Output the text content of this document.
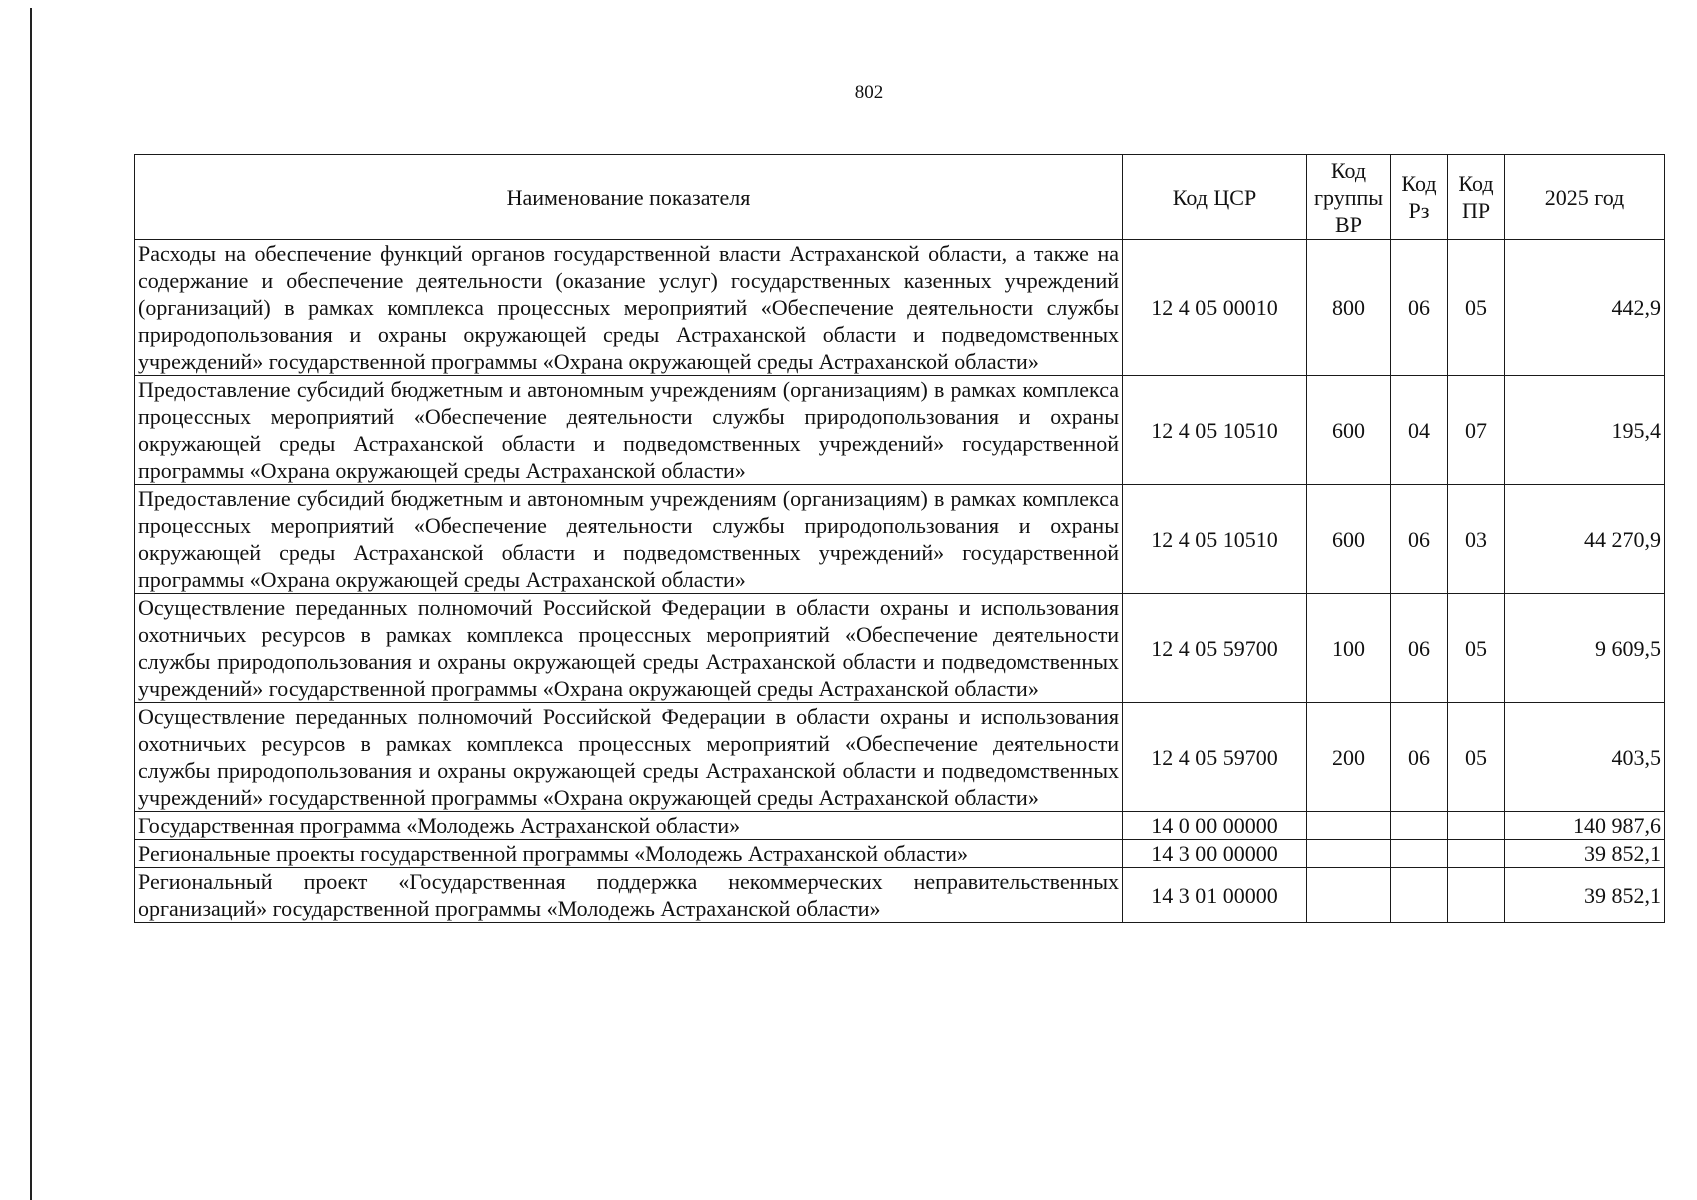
802
Наименование показателя	Код ЦСР	Код группы ВР	Код Рз	Код ПР	2025 год
Расходы на обеспечение функций органов государственной власти Астраханской области, а также на содержание и обеспечение деятельности (оказание услуг) государственных казенных учреждений (организаций) в рамках комплекса процессных мероприятий «Обеспечение деятельности службы природопользования и охраны окружающей среды Астраханской области и подведомственных учреждений» государственной программы «Охрана окружающей среды Астраханской области»	12 4 05 00010	800	06	05	442,9
Предоставление субсидий бюджетным и автономным учреждениям (организациям) в рамках комплекса процессных мероприятий «Обеспечение деятельности службы природопользования и охраны окружающей среды Астраханской области и подведомственных учреждений» государственной программы «Охрана окружающей среды Астраханской области»	12 4 05 10510	600	04	07	195,4
Предоставление субсидий бюджетным и автономным учреждениям (организациям) в рамках комплекса процессных мероприятий «Обеспечение деятельности службы природопользования и охраны окружающей среды Астраханской области и подведомственных учреждений» государственной программы «Охрана окружающей среды Астраханской области»	12 4 05 10510	600	06	03	44 270,9
Осуществление переданных полномочий Российской Федерации в области охраны и использования охотничьих ресурсов в рамках комплекса процессных мероприятий «Обеспечение деятельности службы природопользования и охраны окружающей среды Астраханской области и подведомственных учреждений» государственной программы «Охрана окружающей среды Астраханской области»	12 4 05 59700	100	06	05	9 609,5
Осуществление переданных полномочий Российской Федерации в области охраны и использования охотничьих ресурсов в рамках комплекса процессных мероприятий «Обеспечение деятельности службы природопользования и охраны окружающей среды Астраханской области и подведомственных учреждений» государственной программы «Охрана окружающей среды Астраханской области»	12 4 05 59700	200	06	05	403,5
Государственная программа «Молодежь Астраханской области»	14 0 00 00000				140 987,6
Региональные проекты государственной программы «Молодежь Астраханской области»	14 3 00 00000				39 852,1
Региональный проект «Государственная поддержка некоммерческих неправительственных организаций» государственной программы «Молодежь Астраханской области»	14 3 01 00000				39 852,1
